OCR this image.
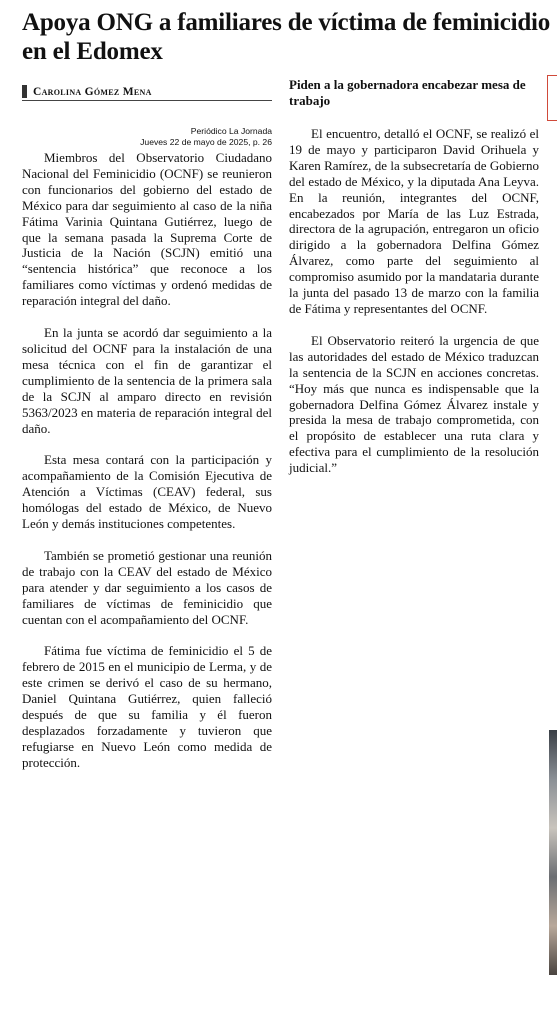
Apoya ONG a familiares de víctima de feminicidio en el Edomex
Carolina Gómez Mena
Periódico La Jornada
Jueves 22 de mayo de 2025, p. 26

Miembros del Observatorio Ciudadano Nacional del Feminicidio (OCNF) se reunieron con funcionarios del gobierno del estado de México para dar seguimiento al caso de la niña Fátima Varinia Quintana Gutiérrez, luego de que la semana pasada la Suprema Corte de Justicia de la Nación (SCJN) emitió una “sentencia histórica” que reconoce a los familiares como víctimas y ordenó medidas de reparación integral del daño.

En la junta se acordó dar seguimiento a la solicitud del OCNF para la instalación de una mesa técnica con el fin de garantizar el cumplimiento de la sentencia de la primera sala de la SCJN al amparo directo en revisión 5363/2023 en materia de reparación integral del daño.

Esta mesa contará con la participación y acompañamiento de la Comisión Ejecutiva de Atención a Víctimas (CEAV) federal, sus homólogas del estado de México, de Nuevo León y demás instituciones competentes.

También se prometió gestionar una reunión de trabajo con la CEAV del estado de México para atender y dar seguimiento a los casos de familiares de víctimas de feminicidio que cuentan con el acompañamiento del OCNF.

Fátima fue víctima de feminicidio el 5 de febrero de 2015 en el municipio de Lerma, y de este crimen se derivó el caso de su hermano, Daniel Quintana Gutiérrez, quien falleció después de que su familia y él fueron desplazados forzadamente y tuvieron que refugiarse en Nuevo León como medida de protección.

Piden a la gobernadora encabezar mesa de trabajo

El encuentro, detalló el OCNF, se realizó el 19 de mayo y participaron David Orihuela y Karen Ramírez, de la subsecretaría de Gobierno del estado de México, y la diputada Ana Leyva. En la reunión, integrantes del OCNF, encabezados por María de las Luz Estrada, directora de la agrupación, entregaron un oficio dirigido a la gobernadora Delfina Gómez Álvarez, como parte del seguimiento al compromiso asumido por la mandataria durante la junta del pasado 13 de marzo con la familia de Fátima y representantes del OCNF.

El Observatorio reiteró la urgencia de que las autoridades del estado de México traduzcan la sentencia de la SCJN en acciones concretas. “Hoy más que nunca es indispensable que la gobernadora Delfina Gómez Álvarez instale y presida la mesa de trabajo comprometida, con el propósito de establecer una ruta clara y efectiva para el cumplimiento de la resolución judicial.”
